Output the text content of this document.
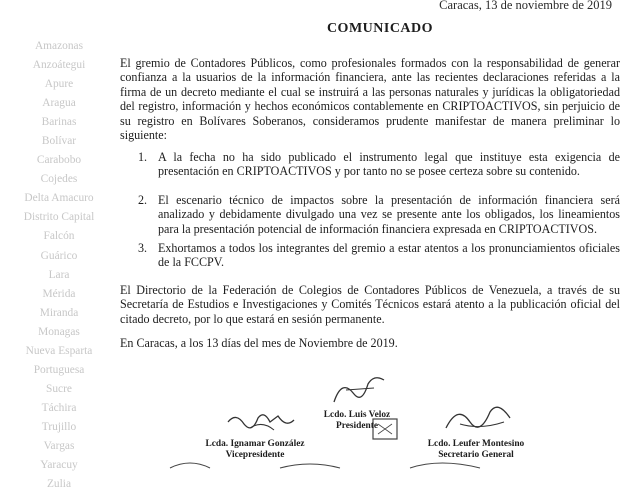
Caracas, 13 de noviembre de 2019
Amazonas
Anzoátegui
Apure
Aragua
Barinas
Bolívar
Carabobo
Cojedes
Delta Amacuro
Distrito Capital
Falcón
Guárico
Lara
Mérida
Miranda
Monagas
Nueva Esparta
Portuguesa
Sucre
Táchira
Trujillo
Vargas
Yaracuy
Zulia
COMUNICADO
El gremio de Contadores Públicos, como profesionales formados con la responsabilidad de generar confianza a la usuarios de la información financiera, ante las recientes declaraciones referidas a la firma de un decreto mediante el cual se instruirá a las personas naturales y jurídicas la obligatoriedad del registro, información y hechos económicos contablemente en CRIPTOACTIVOS, sin perjuicio de su registro en Bolívares Soberanos, consideramos prudente manifestar de manera preliminar lo siguiente:
1. A la fecha no ha sido publicado el instrumento legal que instituye esta exigencia de presentación en CRIPTOACTIVOS y por tanto no se posee certeza sobre su contenido.
2. El escenario técnico de impactos sobre la presentación de información financiera será analizado y debidamente divulgado una vez se presente ante los obligados, los lineamientos para la presentación potencial de información financiera expresada en CRIPTOACTIVOS.
3. Exhortamos a todos los integrantes del gremio a estar atentos a los pronunciamientos oficiales de la FCCPV.
El Directorio de la Federación de Colegios de Contadores Públicos de Venezuela, a través de su Secretaría de Estudios e Investigaciones y Comités Técnicos estará atento a la publicación oficial del citado decreto, por lo que estará en sesión permanente.
En Caracas, a los 13 días del mes de Noviembre de 2019.
Lcda. Ignamar González
Vicepresidente
Lcdo. Luis Veloz
Presidente
Lcdo. Leufer Montesino
Secretario General
